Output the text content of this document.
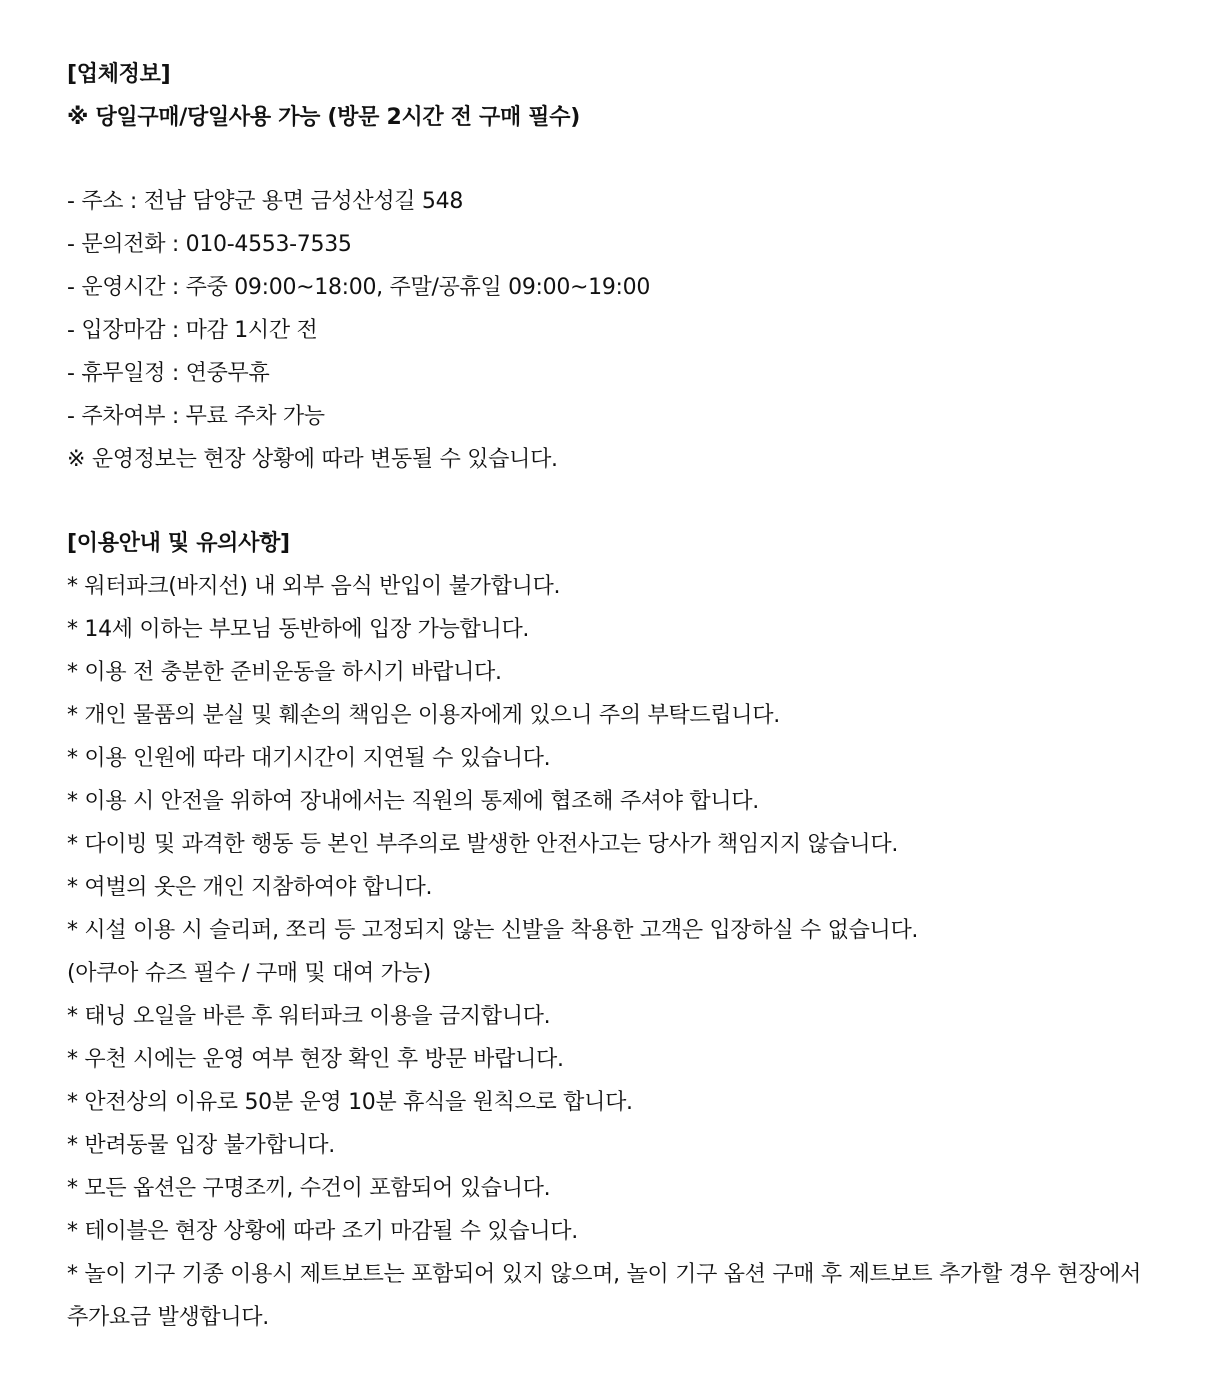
[업체정보]
※ 당일구매/당일사용 가능 (방문 2시간 전 구매 필수)
- 주소 : 전남 담양군 용면 금성산성길 548
- 문의전화 : 010-4553-7535
- 운영시간 : 주중 09:00~18:00, 주말/공휴일 09:00~19:00
- 입장마감 : 마감 1시간 전
- 휴무일정 : 연중무휴
- 주차여부 : 무료 주차 가능
※ 운영정보는 현장 상황에 따라 변동될 수 있습니다.
[이용안내 및 유의사항]
* 워터파크(바지선) 내 외부 음식 반입이 불가합니다.
* 14세 이하는 부모님 동반하에 입장 가능합니다.
* 이용 전 충분한 준비운동을 하시기 바랍니다.
* 개인 물품의 분실 및 훼손의 책임은 이용자에게 있으니 주의 부탁드립니다.
* 이용 인원에 따라 대기시간이 지연될 수 있습니다.
* 이용 시 안전을 위하여 장내에서는 직원의 통제에 협조해 주셔야 합니다.
* 다이빙 및 과격한 행동 등 본인 부주의로 발생한 안전사고는 당사가 책임지지 않습니다.
* 여벌의 옷은 개인 지참하여야 합니다.
* 시설 이용 시 슬리퍼, 쪼리 등 고정되지 않는 신발을 착용한 고객은 입장하실 수 없습니다.
(아쿠아 슈즈 필수 / 구매 및 대여 가능)
* 태닝 오일을 바른 후 워터파크 이용을 금지합니다.
* 우천 시에는 운영 여부 현장 확인 후 방문 바랍니다.
* 안전상의 이유로 50분 운영 10분 휴식을 원칙으로 합니다.
* 반려동물 입장 불가합니다.
* 모든 옵션은 구명조끼, 수건이 포함되어 있습니다.
* 테이블은 현장 상황에 따라 조기 마감될 수 있습니다.
* 놀이 기구 기종 이용시 제트보트는 포함되어 있지 않으며, 놀이 기구 옵션 구매 후 제트보트 추가할 경우 현장에서 추가요금 발생합니다.
